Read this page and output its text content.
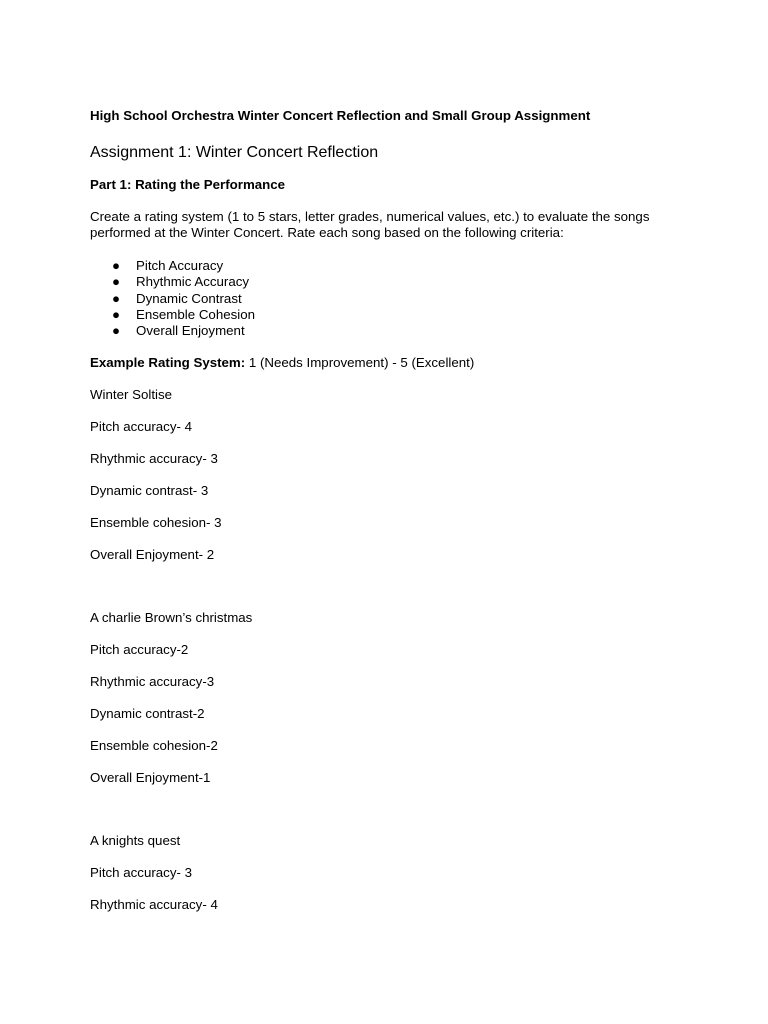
High School Orchestra Winter Concert Reflection and Small Group Assignment

Assignment 1: Winter Concert Reflection
Part 1: Rating the Performance

Create a rating system (1 to 5 stars, letter grades, numerical values, etc.) to evaluate the songs
performed at the Winter Concert. Rate each song based on the following criteria:

● Pitch Accuracy
● Rhythmic Accuracy
● Dynamic Contrast
● Ensemble Cohesion
● Overall Enjoyment

Example Rating System: 1 (Needs Improvement) - 5 (Excellent)

Winter Soltise

Pitch accuracy- 4

Rhythmic accuracy- 3

Dynamic contrast- 3

Ensemble cohesion- 3

Overall Enjoyment- 2

A charlie Brown’s christmas

Pitch accuracy-2

Rhythmic accuracy-3

Dynamic contrast-2

Ensemble cohesion-2

Overall Enjoyment-1

A knights quest

Pitch accuracy- 3

Rhythmic accuracy- 4
